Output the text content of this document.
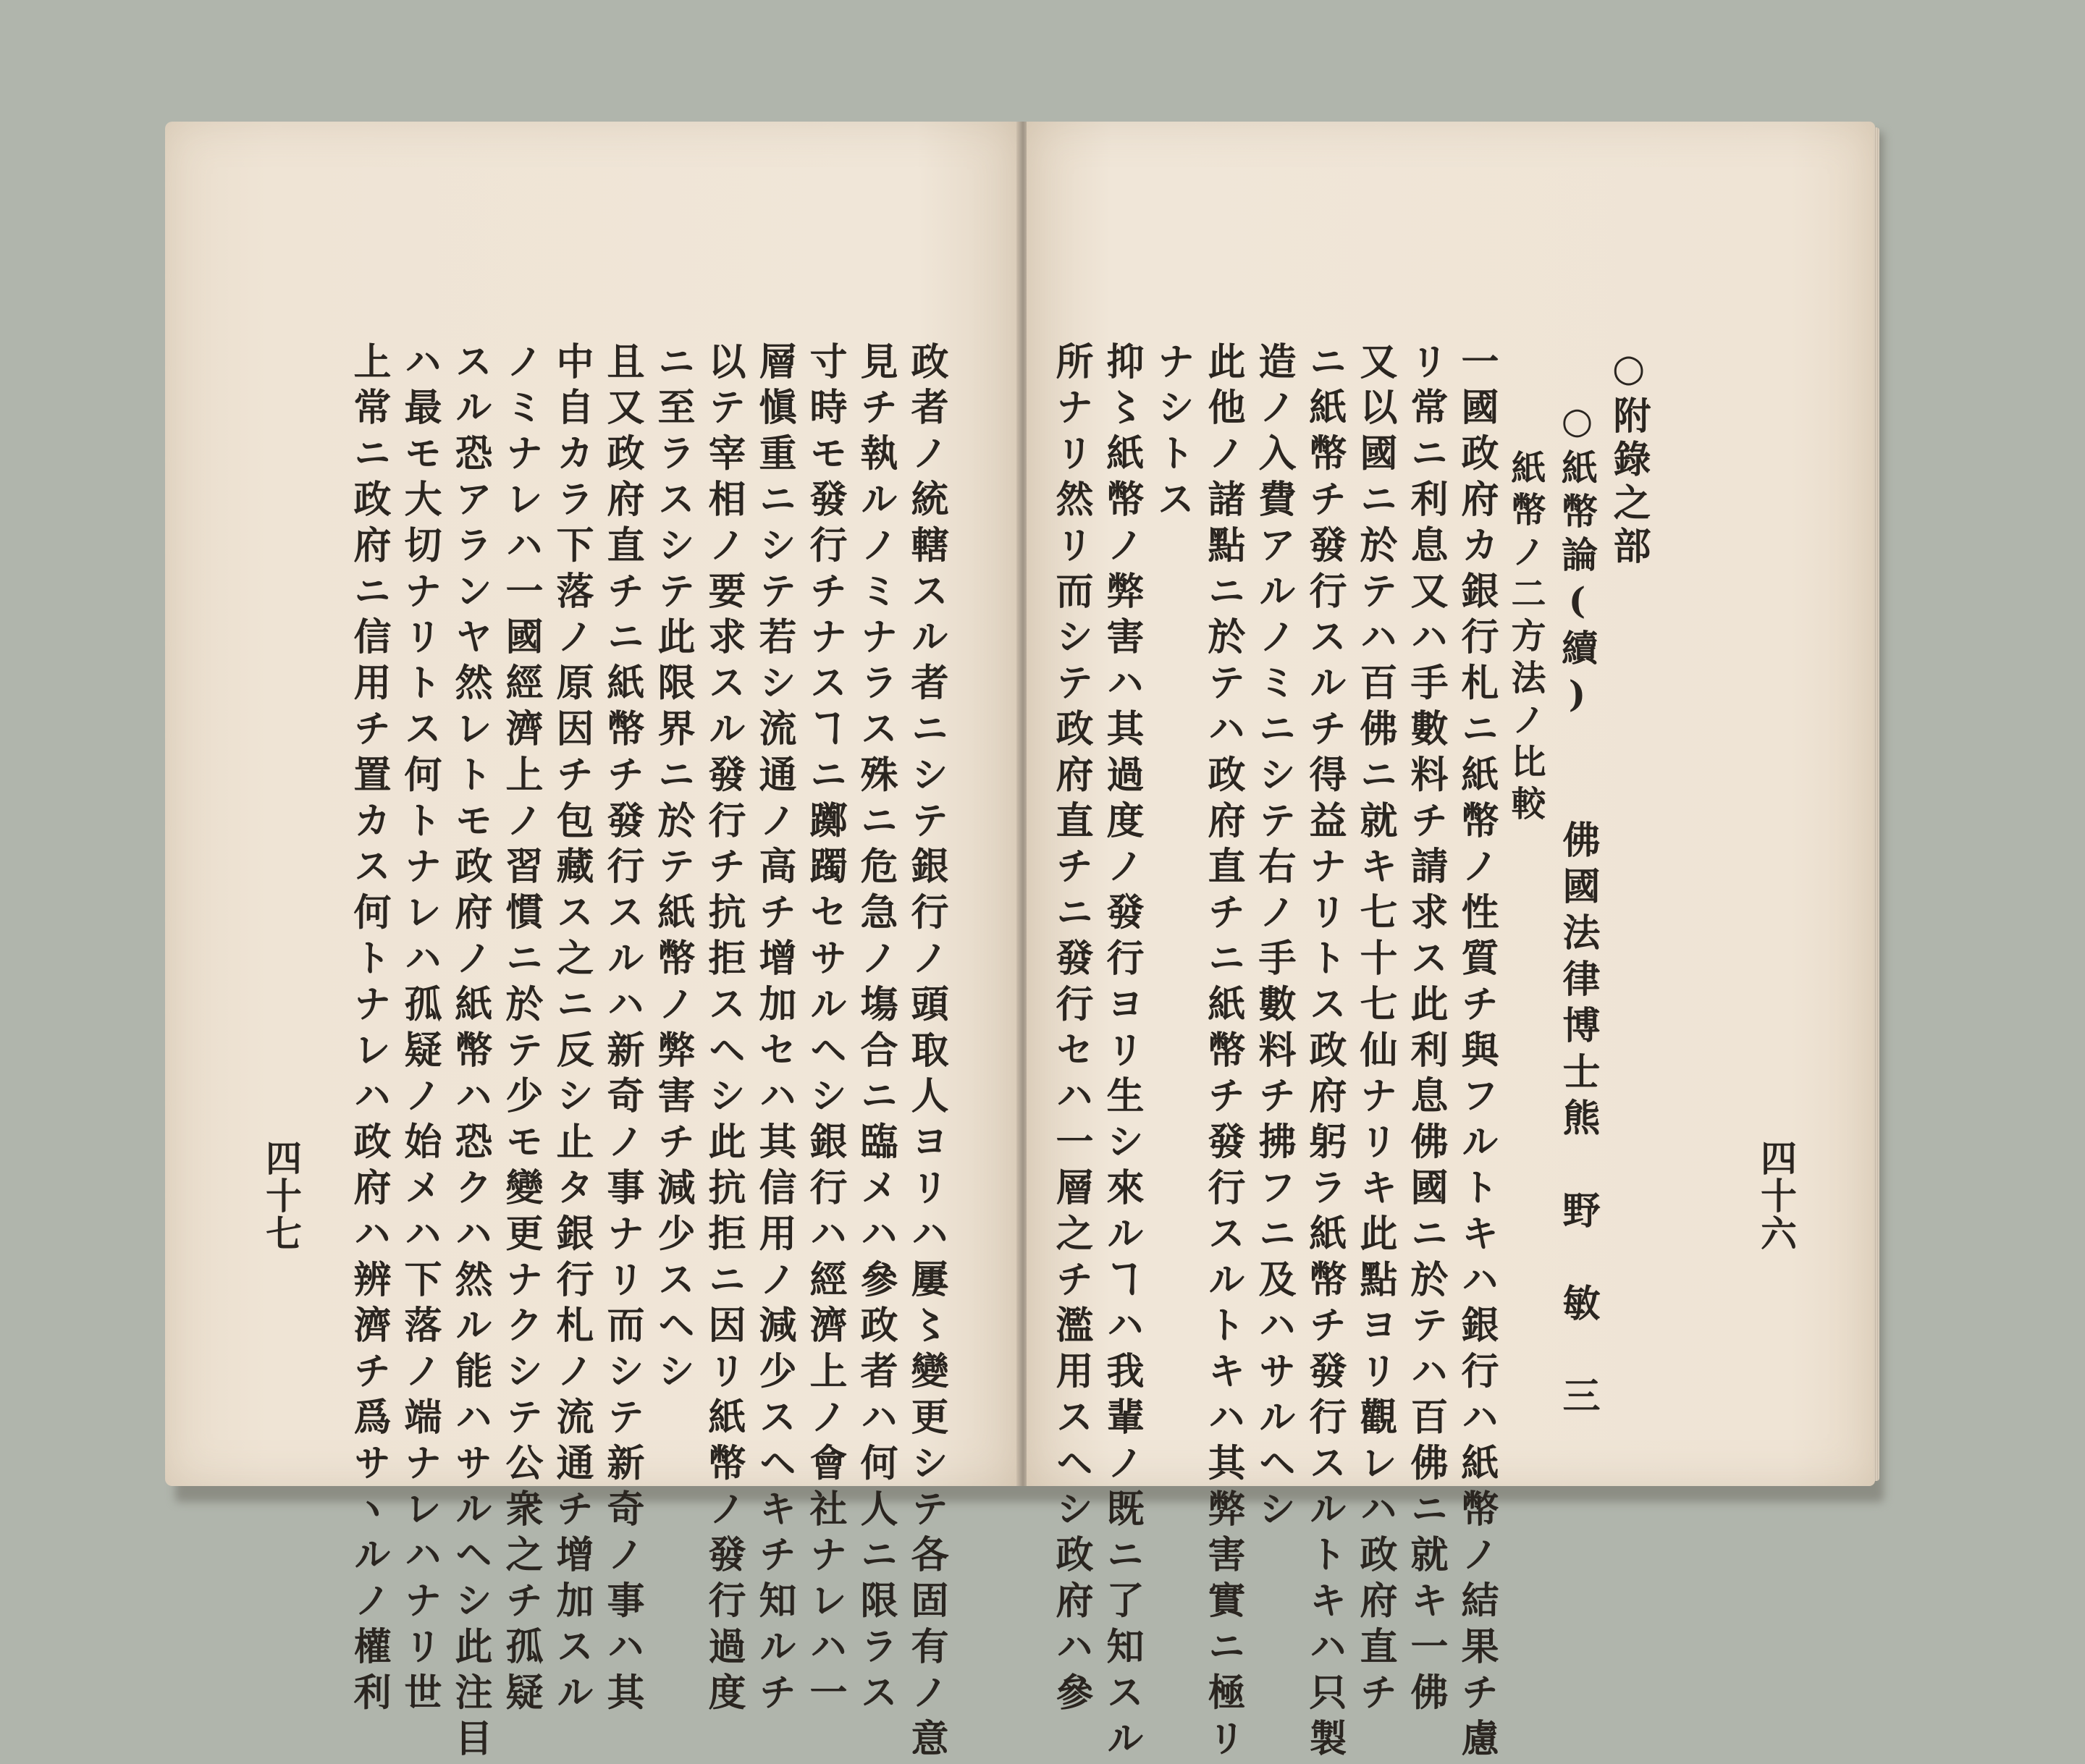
政者ノ統轄スル者ニシテ銀行ノ頭取人ヨリハ屢〻變更シテ各固有ノ意
見チ執ルノミナラス殊ニ危急ノ塲合ニ臨メハ參政者ハ何人ニ限ラス
寸時モ發行チナスヿニ躑躅セサルヘシ銀行ハ經濟上ノ會社ナレハ一
層愼重ニシテ若シ流通ノ高チ增加セハ其信用ノ減少スヘキチ知ルチ
以テ宰相ノ要求スル發行チ抗拒スヘシ此抗拒ニ因リ紙幣ノ發行過度
ニ至ラスシテ此限界ニ於テ紙幣ノ弊害チ減少スヘシ
且又政府直チニ紙幣チ發行スルハ新奇ノ事ナリ而シテ新奇ノ事ハ其
中自カラ下落ノ原因チ包藏ス之ニ反シ止タ銀行札ノ流通チ增加スル
ノミナレハ一國經濟上ノ習慣ニ於テ少モ變更ナクシテ公衆之チ孤疑
スル恐アランヤ然レトモ政府ノ紙幣ハ恐クハ然ル能ハサルヘシ此注目
ハ最モ大切ナリトス何トナレハ孤疑ノ始メハ下落ノ端ナレハナリ世
上常ニ政府ニ信用チ置カス何トナレハ政府ハ辨濟チ爲サヽルノ權利
四十七	四十六
○附錄之部
○紙幣論(續)
佛國法律博士熊　野　敏　三
紙幣ノ二方法ノ比較
一國政府カ銀行札ニ紙幣ノ性質チ與フルトキハ銀行ハ紙幣ノ結果チ慮
リ常ニ利息又ハ手數料チ請求ス此利息佛國ニ於テハ百佛ニ就キ一佛
又以國ニ於テハ百佛ニ就キ七十七仙ナリキ此點ヨリ觀レハ政府直チ
ニ紙幣チ發行スルチ得益ナリトス政府躬ラ紙幣チ發行スルトキハ只製
造ノ入費アルノミニシテ右ノ手數料チ拂フニ及ハサルヘシ
此他ノ諸點ニ於テハ政府直チニ紙幣チ發行スルトキハ其弊害實ニ極リ
ナシトス
抑〻紙幣ノ弊害ハ其過度ノ發行ヨリ生シ來ルヿハ我輩ノ既ニ了知スル
所ナリ然リ而シテ政府直チニ發行セハ一層之チ濫用スヘシ政府ハ參
